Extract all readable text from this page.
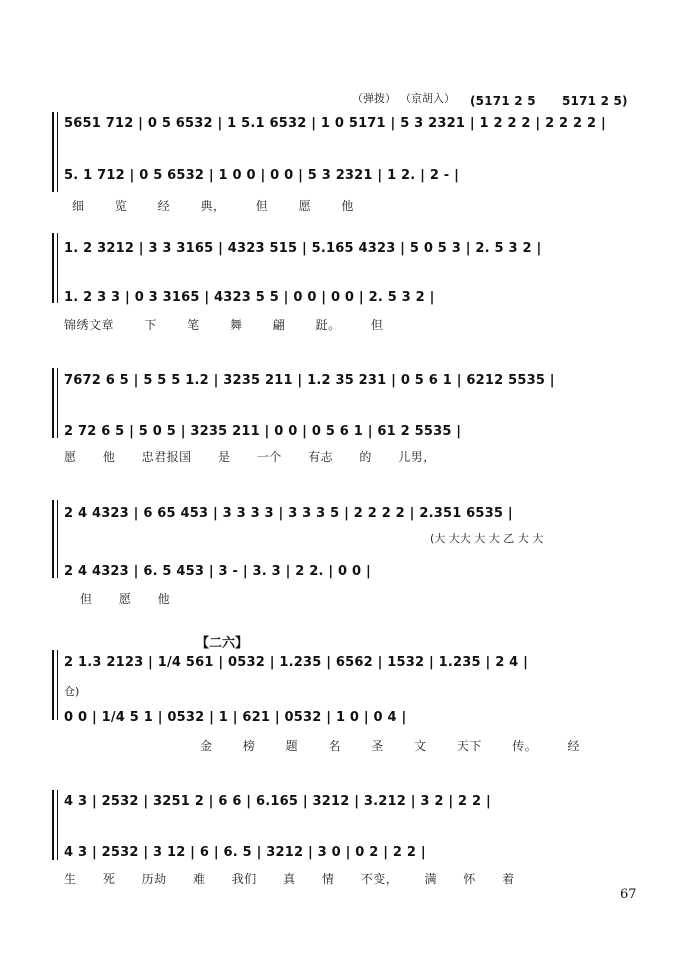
（弹拨） （京胡入） (5171 2 5 5171 2 5)
5651 712 | 0 5 6532 | 1 5.1 6532 | 1 0 5171 | 5 3 2321 | 1 2 2 2 | 2 2 2 2 |
5. 1 712 | 0 5 6532 | 1 0 0 | 0 0 | 5 3 2321 | 1 2. | 2 - |
细 览 经 典， 但 愿 他
1. 2 3212 | 3 3 3165 | 4323 515 | 5.165 4323 | 5 0 5 3 | 2. 5 3 2 |
1. 2 3 3 | 0 3 3165 | 4323 5 5 | 0 0 | 0 0 | 2. 5 3 2 |
锦绣文章 下 笔 舞 翩 跹。 但
7672 6 5 | 5 5 5 1.2 | 3235 211 | 1.2 35 231 | 0 5 6 1 | 6212 5535 |
2 72 6 5 | 5 0 5 | 3235 211 | 0 0 | 0 5 6 1 | 61 2 5535 |
愿 他 忠君报国 是 一个 有志 的 儿男，
2 4 4323 | 6 65 453 | 3 3 3 3 | 3 3 3 5 | 2 2 2 2 | 2.351 6535 |
(大 大大 大 大 乙 大 大
2 4 4323 | 6. 5 453 | 3 - | 3. 3 | 2 2. | 0 0 |
但 愿 他
【二六】
2 1.3 2123 | 1/4 561 | 0532 | 1.235 | 6562 | 1532 | 1.235 | 2 4 |
仓)
0 0 | 1/4 5 1 | 0532 | 1 | 621 | 0532 | 1 0 | 0 4 |
金 榜 题 名 圣 文 天下 传。 经
4 3 | 2532 | 3251 2 | 6 6 | 6.165 | 3212 | 3.212 | 3 2 | 2 2 |
4 3 | 2532 | 3 12 | 6 | 6. 5 | 3212 | 3 0 | 0 2 | 2 2 |
生 死 历劫 难 我们 真 情 不变， 满 怀 着
67
